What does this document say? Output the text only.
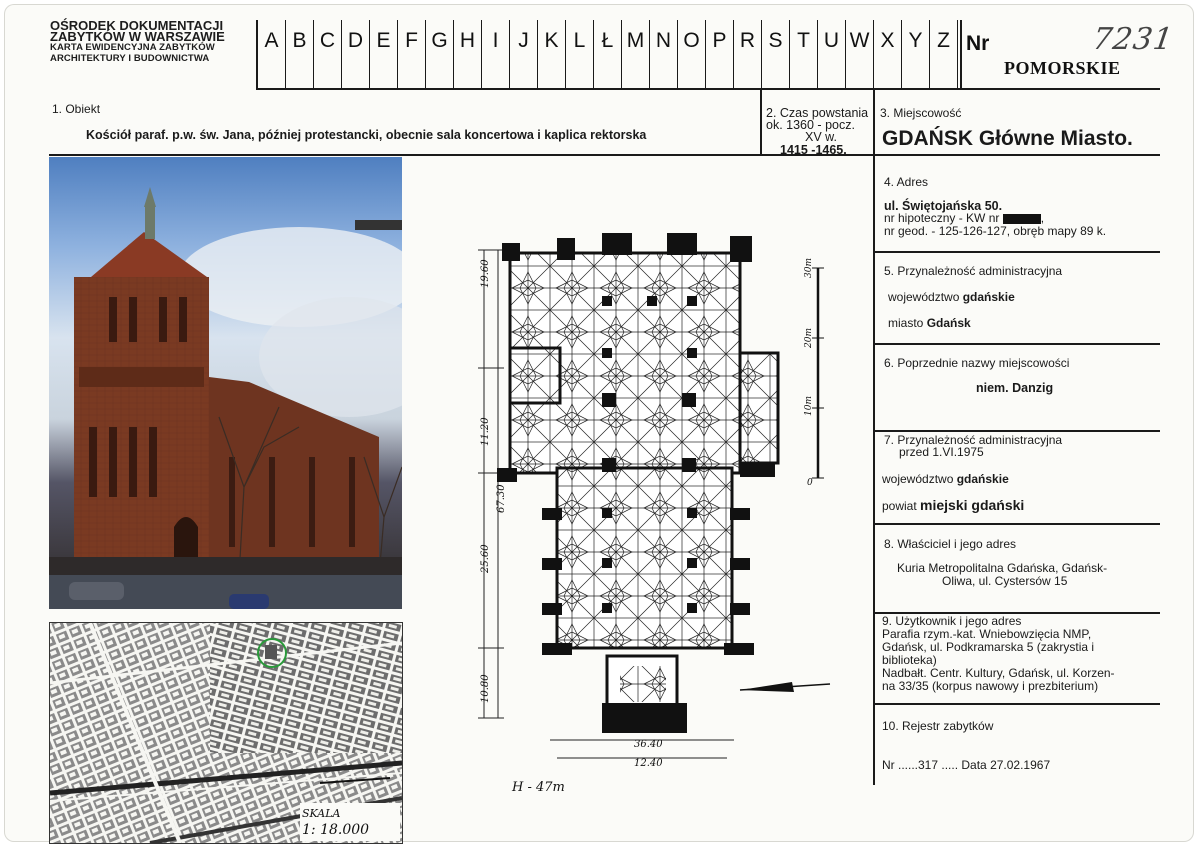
OŚRODEK DOKUMENTACJI
ZABYTKÓW W WARSZAWIE
KARTA EWIDENCYJNA ZABYTKÓW
ARCHITEKTURY I BUDOWNICTWA
A B C D E F G H I J K L Ł M N O P R S T U W X Y Z Nr	7231
POMORSKIE
1. Obiekt
Kościół paraf. p.w. św. Jana, później protestancki, obecnie sala koncertowa i kaplica rektorska
2. Czas powstania
ok. 1360 - pocz.
XV w.
1415 -1465.
3. Miejscowość
GDAŃSK Główne Miasto.
4. Adres
ul. Świętojańska 50.
nr hipoteczny - KW nr	,
nr geod. - 125-126-127, obręb mapy 89 k.
5. Przynależność administracyjna
województwo gdańskie
miasto Gdańsk
6. Poprzednie nazwy miejscowości
niem. Danzig
7. Przynależność administracyjna
przed 1.VI.1975
województwo gdańskie
powiat miejski gdański
8. Właściciel i jego adres
Kuria Metropolitalna Gdańska, Gdańsk-
Oliwa, ul. Cystersów 15
9. Użytkownik i jego adres
Parafia rzym.-kat. Wniebowzięcia NMP,
Gdańsk, ul. Podkramarska 5 (zakrystia i
biblioteka)
Nadbałt. Centr. Kultury, Gdańsk, ul. Korzen-
na 33/35 (korpus nawowy i prezbiterium)
10. Rejestr zabytków
Nr ......317 ..... Data 27.02.1967
SKALA
1: 18.000
19.60
11.20
67.30
25.60
10.80
36.40
12.40
30m
20m
10m
0
H - 47m
